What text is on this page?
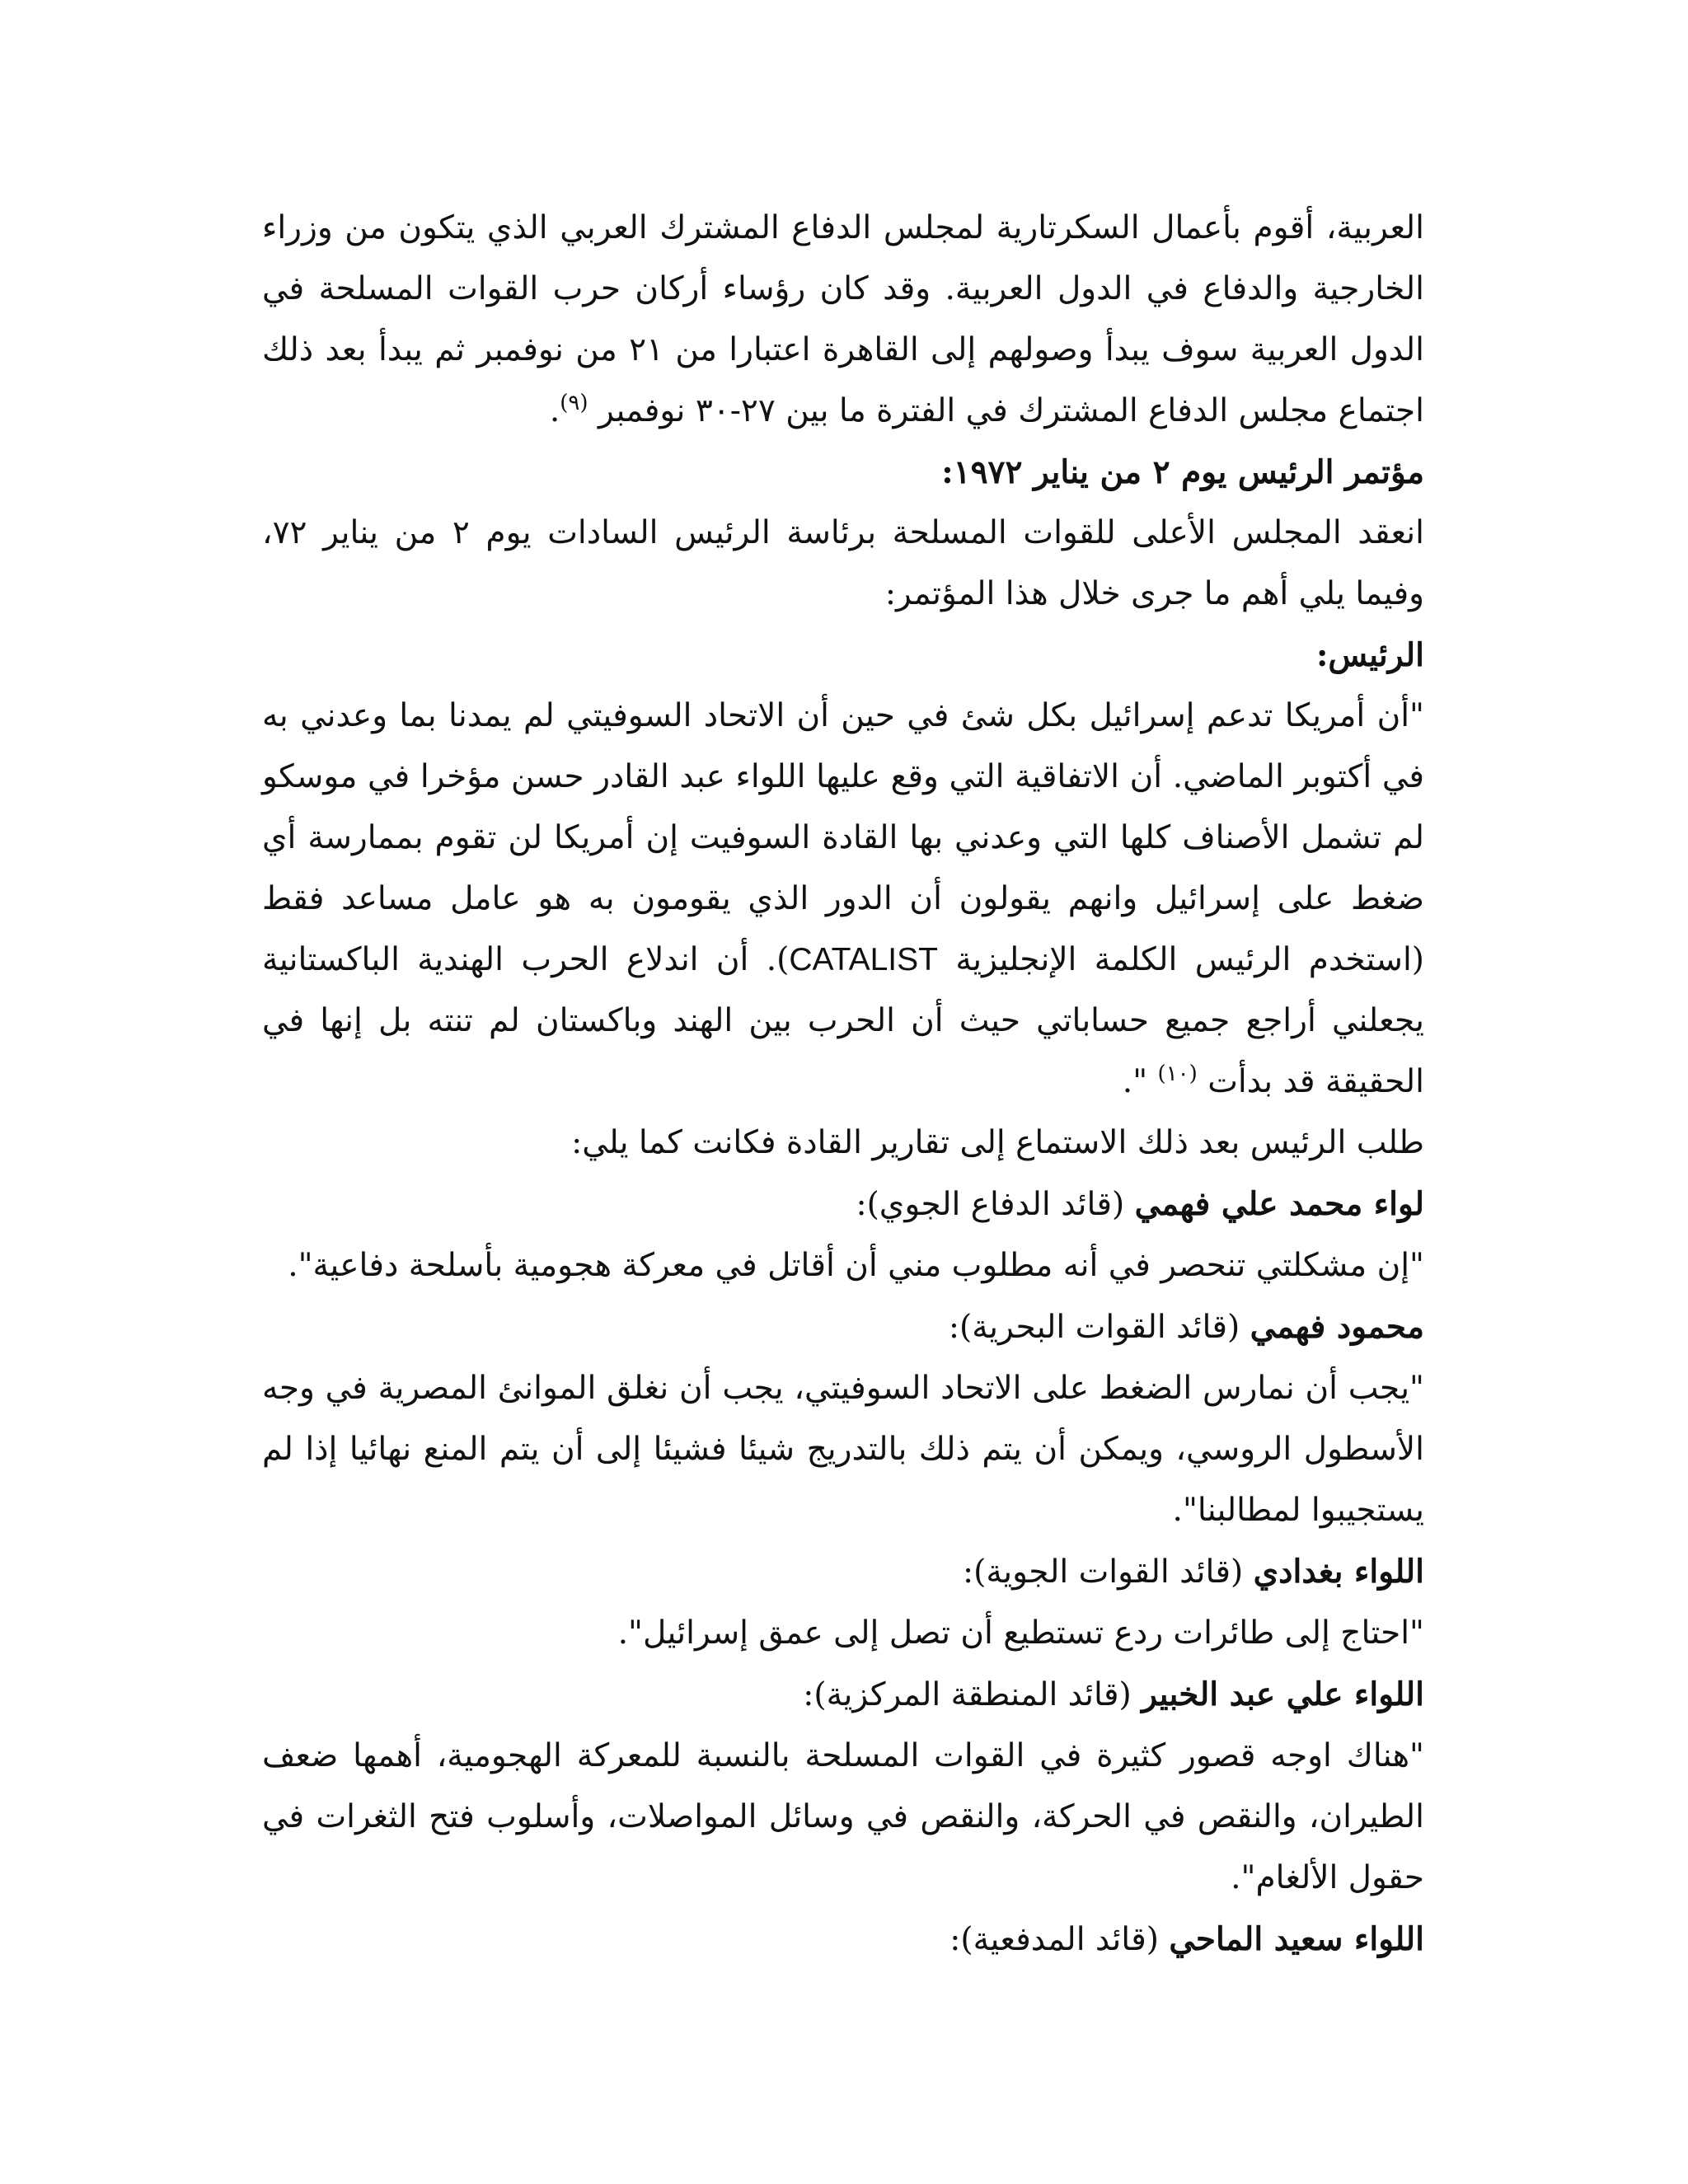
العربية، أقوم بأعمال السكرتارية لمجلس الدفاع المشترك العربي الذي يتكون من وزراء الخارجية والدفاع في الدول العربية. وقد كان رؤساء أركان حرب القوات المسلحة في الدول العربية سوف يبدأ وصولهم إلى القاهرة اعتبارا من ٢١ من نوفمبر ثم يبدأ بعد ذلك اجتماع مجلس الدفاع المشترك في الفترة ما بين ٢٧-٣٠ نوفمبر $^{(٩)}$.

مؤتمر الرئيس يوم ٢ من يناير ١٩٧٢:

انعقد المجلس الأعلى للقوات المسلحة برئاسة الرئيس السادات يوم ٢ من يناير ٧٢، وفيما يلي أهم ما جرى خلال هذا المؤتمر:

الرئيس:

"أن أمريكا تدعم إسرائيل بكل شئ في حين أن الاتحاد السوفيتي لم يمدنا بما وعدني به في أكتوبر الماضي. أن الاتفاقية التي وقع عليها اللواء عبد القادر حسن مؤخرا في موسكو لم تشمل الأصناف كلها التي وعدني بها القادة السوفيت إن أمريكا لن تقوم بممارسة أي ضغط على إسرائيل وانهم يقولون أن الدور الذي يقومون به هو عامل مساعد فقط (استخدم الرئيس الكلمة الإنجليزية CATALIST). أن اندلاع الحرب الهندية الباكستانية يجعلني أراجع جميع حساباتي حيث أن الحرب بين الهند وباكستان لم تنته بل إنها في الحقيقة قد بدأت $^{(١٠)}$ ".

طلب الرئيس بعد ذلك الاستماع إلى تقارير القادة فكانت كما يلي:

لواء محمد علي فهمي (قائد الدفاع الجوي):

"إن مشكلتي تنحصر في أنه مطلوب مني أن أقاتل في معركة هجومية بأسلحة دفاعية".

محمود فهمي (قائد القوات البحرية):

"يجب أن نمارس الضغط على الاتحاد السوفيتي، يجب أن نغلق الموانئ المصرية في وجه الأسطول الروسي، ويمكن أن يتم ذلك بالتدريج شيئا فشيئا إلى أن يتم المنع نهائيا إذا لم يستجيبوا لمطالبنا".

اللواء بغدادي (قائد القوات الجوية):

"احتاج إلى طائرات ردع تستطيع أن تصل إلى عمق إسرائيل".

اللواء علي عبد الخبير (قائد المنطقة المركزية):

"هناك اوجه قصور كثيرة في القوات المسلحة بالنسبة للمعركة الهجومية، أهمها ضعف الطيران، والنقص في الحركة، والنقص في وسائل المواصلات، وأسلوب فتح الثغرات في حقول الألغام".

اللواء سعيد الماحي (قائد المدفعية):
